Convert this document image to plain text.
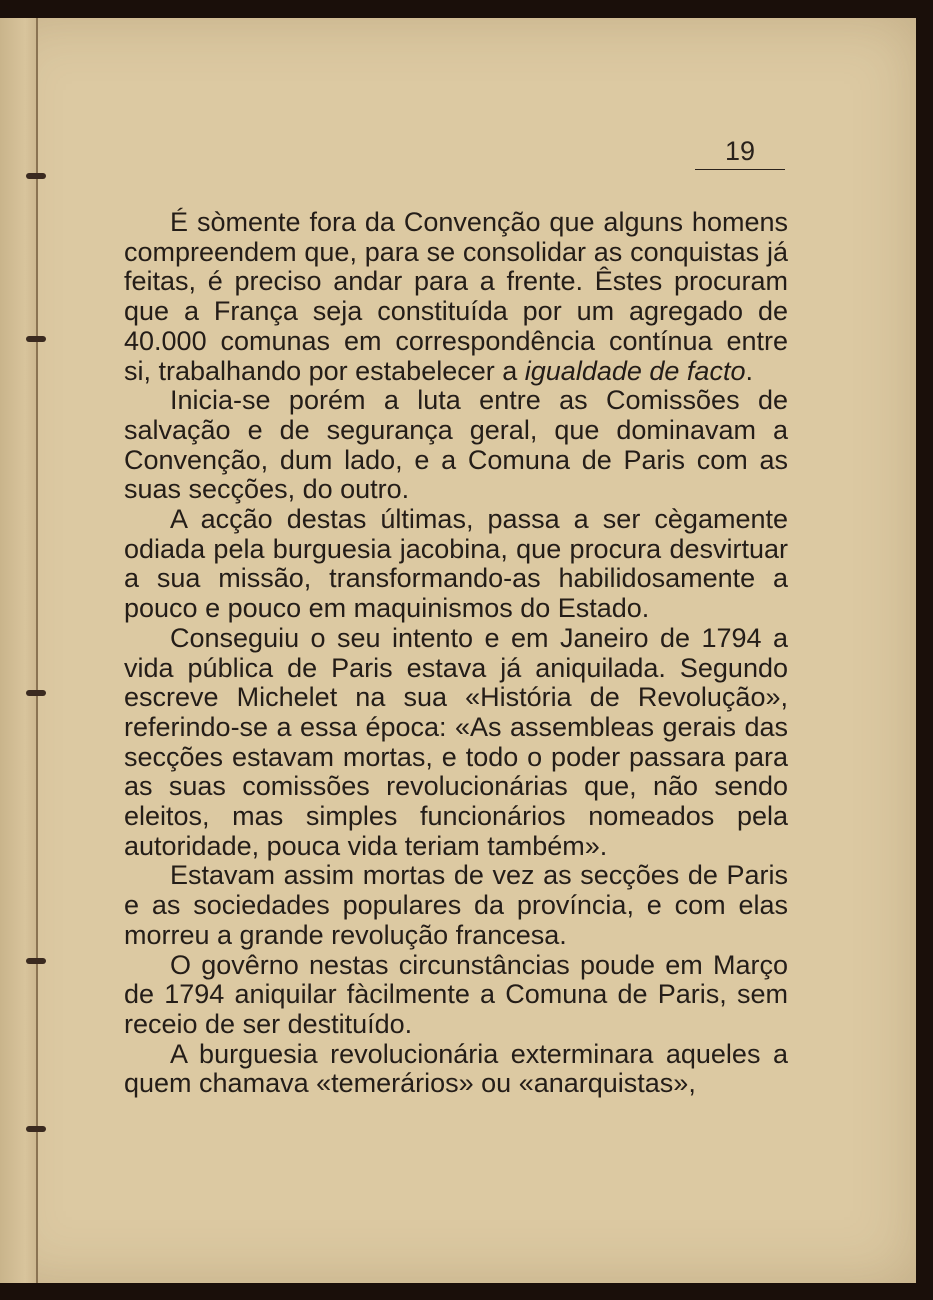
19

É sòmente fora da Convenção que alguns homens compreendem que, para se consolidar as conquistas já feitas, é preciso andar para a frente. Êstes procuram que a França seja constituída por um agregado de 40.000 comunas em correspondência contínua entre si, trabalhando por estabelecer a igualdade de facto.

Inicia-se porém a luta entre as Comissões de salvação e de segurança geral, que dominavam a Convenção, dum lado, e a Comuna de Paris com as suas secções, do outro.

A acção destas últimas, passa a ser cègamente odiada pela burguesia jacobina, que procura desvirtuar a sua missão, transformando-as habilidosamente a pouco e pouco em maquinismos do Estado.

Conseguiu o seu intento e em Janeiro de 1794 a vida pública de Paris estava já aniquilada. Segundo escreve Michelet na sua «História de Revolução», referindo-se a essa época: «As assembleas gerais das secções estavam mortas, e todo o poder passara para as suas comissões revolucionárias que, não sendo eleitos, mas simples funcionários nomeados pela autoridade, pouca vida teriam também».

Estavam assim mortas de vez as secções de Paris e as sociedades populares da província, e com elas morreu a grande revolução francesa.

O govêrno nestas circunstâncias poude em Março de 1794 aniquilar fàcilmente a Comuna de Paris, sem receio de ser destituído.

A burguesia revolucionária exterminara aqueles a quem chamava «temerários» ou «anarquistas»,
